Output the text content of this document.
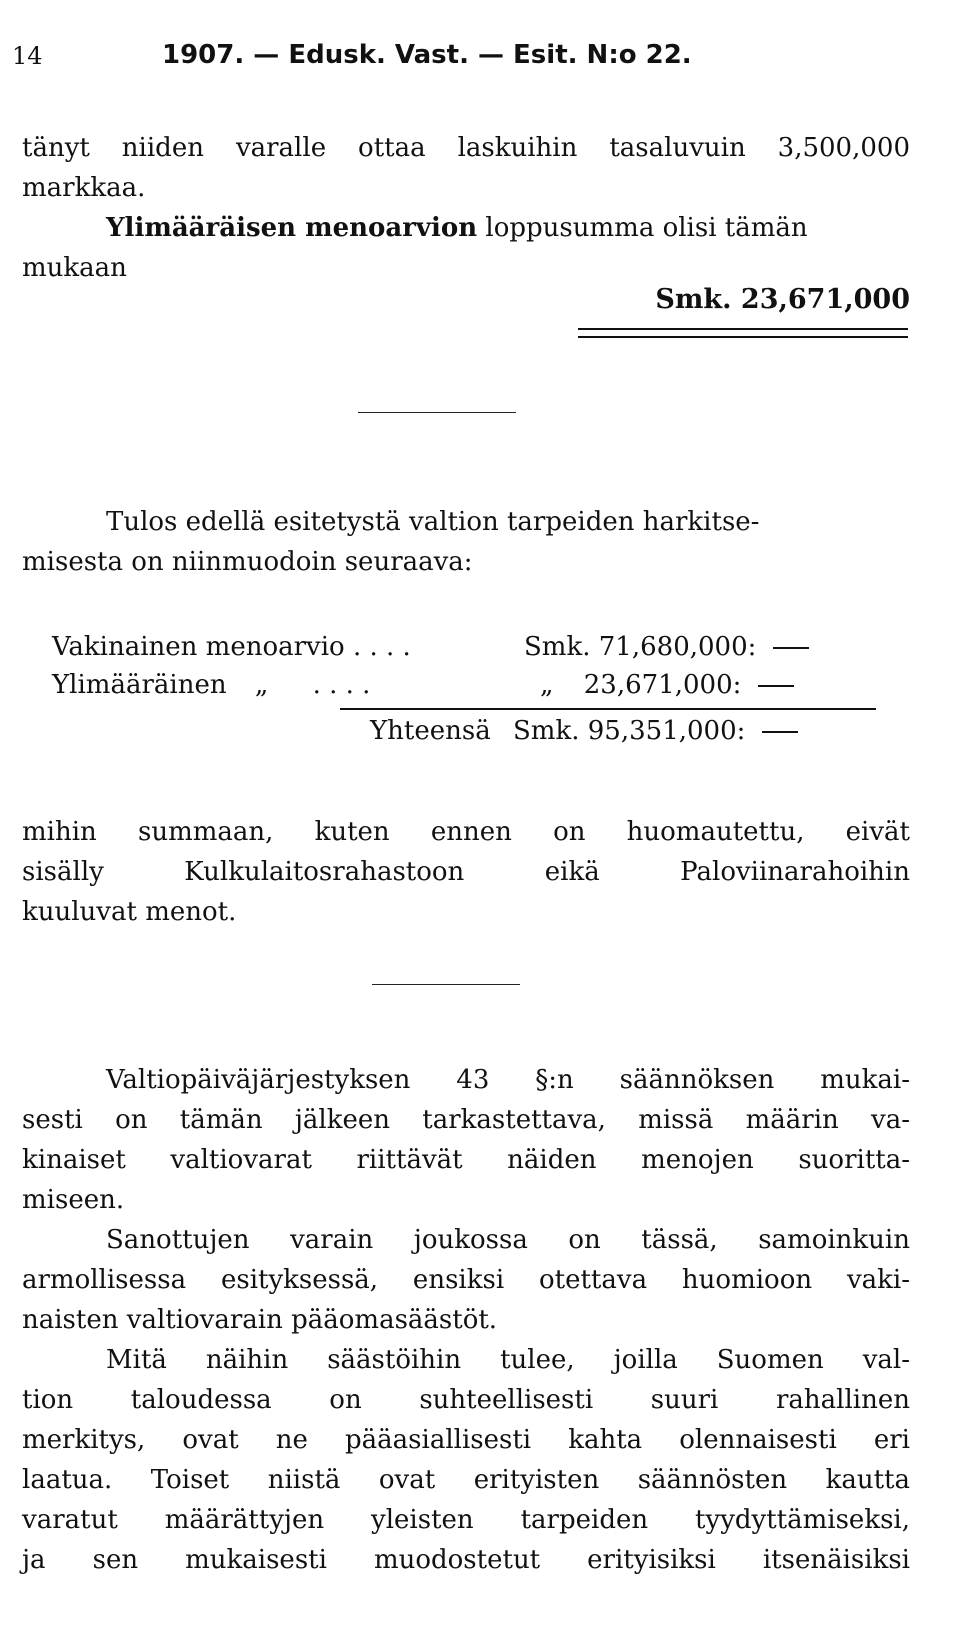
14	1907. — Edusk. Vast. — Esit. N:o 22.
tänyt niiden varalle ottaa laskuihin tasaluvuin 3,500,000
markkaa.
Ylimääräisen menoarvion loppusumma olisi tämän
mukaan
Smk. 23,671,000
Tulos edellä esitetystä valtion tarpeiden harkitse-
misesta on niinmuodoin seuraava:
Vakinainen menoarvio . . . .	Smk. 71,680,000:
Ylimääräinen „ . . . .	„ 23,671,000:
Yhteensä Smk. 95,351,000:
mihin summaan, kuten ennen on huomautettu, eivät
sisälly Kulkulaitosrahastoon eikä Paloviinarahoihin
kuuluvat menot.
Valtiopäiväjärjestyksen 43 §:n säännöksen mukai-
sesti on tämän jälkeen tarkastettava, missä määrin va-
kinaiset valtiovarat riittävät näiden menojen suoritta-
miseen.
Sanottujen varain joukossa on tässä, samoinkuin
armollisessa esityksessä, ensiksi otettava huomioon vaki-
naisten valtiovarain pääomasäästöt.
Mitä näihin säästöihin tulee, joilla Suomen val-
tion taloudessa on suhteellisesti suuri rahallinen
merkitys, ovat ne pääasiallisesti kahta olennaisesti eri
laatua. Toiset niistä ovat erityisten säännösten kautta
varatut määrättyjen yleisten tarpeiden tyydyttämiseksi,
ja sen mukaisesti muodostetut erityisiksi itsenäisiksi
